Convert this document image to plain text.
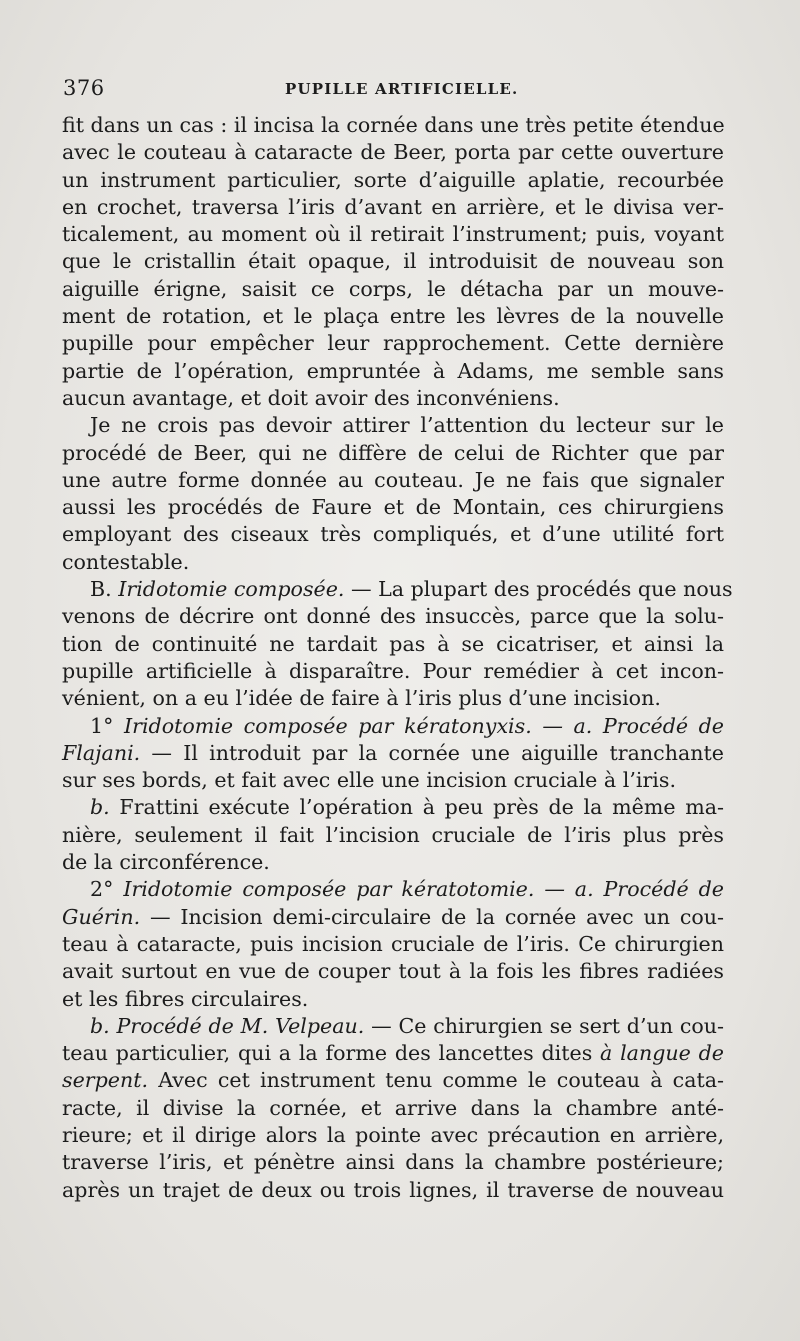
376	PUPILLE ARTIFICIELLE.
fit dans un cas : il incisa la cornée dans une très petite étendue
avec le couteau à cataracte de Beer, porta par cette ouverture
un instrument particulier, sorte d’aiguille aplatie, recourbée
en crochet, traversa l’iris d’avant en arrière, et le divisa ver-
ticalement, au moment où il retirait l’instrument; puis, voyant
que le cristallin était opaque, il introduisit de nouveau son
aiguille érigne, saisit ce corps, le détacha par un mouve-
ment de rotation, et le plaça entre les lèvres de la nouvelle
pupille pour empêcher leur rapprochement. Cette dernière
partie de l’opération, empruntée à Adams, me semble sans
aucun avantage, et doit avoir des inconvéniens.
Je ne crois pas devoir attirer l’attention du lecteur sur le
procédé de Beer, qui ne diffère de celui de Richter que par
une autre forme donnée au couteau. Je ne fais que signaler
aussi les procédés de Faure et de Montain, ces chirurgiens
employant des ciseaux très compliqués, et d’une utilité fort
contestable.
B. Iridotomie composée. — La plupart des procédés que nous
venons de décrire ont donné des insuccès, parce que la solu-
tion de continuité ne tardait pas à se cicatriser, et ainsi la
pupille artificielle à disparaître. Pour remédier à cet incon-
vénient, on a eu l’idée de faire à l’iris plus d’une incision.
1° Iridotomie composée par kératonyxis. — a. Procédé de
Flajani. — Il introduit par la cornée une aiguille tranchante
sur ses bords, et fait avec elle une incision cruciale à l’iris.
b. Frattini exécute l’opération à peu près de la même ma-
nière, seulement il fait l’incision cruciale de l’iris plus près
de la circonférence.
2° Iridotomie composée par kératotomie. — a. Procédé de
Guérin. — Incision demi-circulaire de la cornée avec un cou-
teau à cataracte, puis incision cruciale de l’iris. Ce chirurgien
avait surtout en vue de couper tout à la fois les fibres radiées
et les fibres circulaires.
b. Procédé de M. Velpeau. — Ce chirurgien se sert d’un cou-
teau particulier, qui a la forme des lancettes dites à langue de
serpent. Avec cet instrument tenu comme le couteau à cata-
racte, il divise la cornée, et arrive dans la chambre anté-
rieure; et il dirige alors la pointe avec précaution en arrière,
traverse l’iris, et pénètre ainsi dans la chambre postérieure;
après un trajet de deux ou trois lignes, il traverse de nouveau
